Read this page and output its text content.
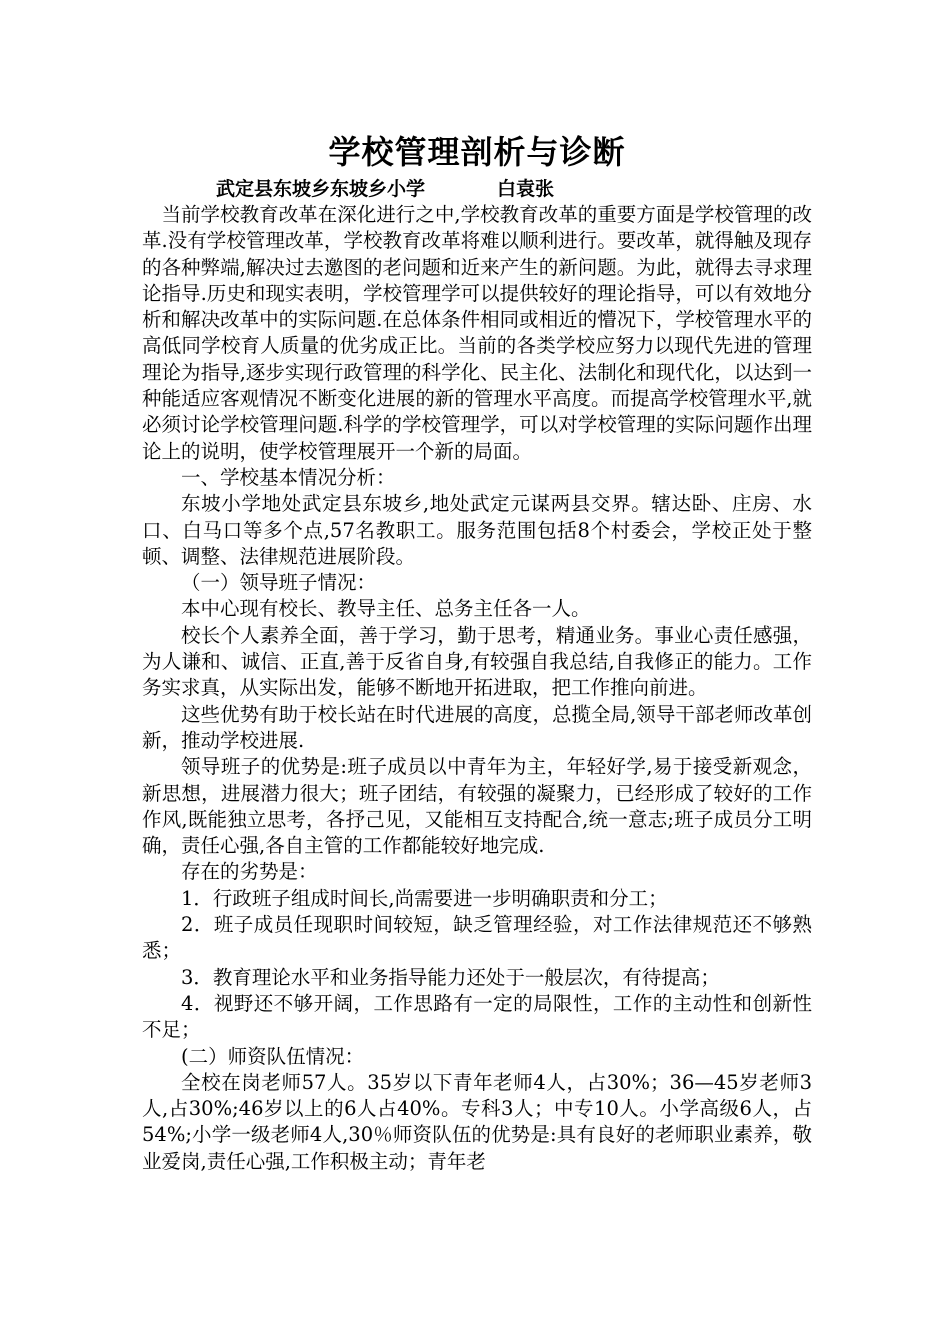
学校管理剖析与诊断

武定县东坡乡东坡乡小学	白袁张

当前学校教育改革在深化进行之中,学校教育改革的重要方面是学校管理的改革.没有学校管理改革，学校教育改革将难以顺利进行。要改革，就得触及现存的各种弊端,解决过去邀图的老问题和近来产生的新问题。为此，就得去寻求理论指导.历史和现实表明，学校管理学可以提供较好的理论指导，可以有效地分析和解决改革中的实际问题.在总体条件相同或相近的懵况下，学校管理水平的高低同学校育人质量的优劣成正比。当前的各类学校应努力以现代先进的管理理论为指导,逐步实现行政管理的科学化、民主化、法制化和现代化，以达到一种能适应客观情况不断变化进展的新的管理水平高度。而提高学校管理水平,就必须讨论学校管理问题.科学的学校管理学，可以对学校管理的实际问题作出理论上的说明，使学校管理展开一个新的局面。

一、学校基本情况分析：

东坡小学地处武定县东坡乡,地处武定元谋两县交界。辖达卧、庄房、水口、白马口等多个点,57名教职工。服务范围包括8个村委会，学校正处于整顿、调整、法律规范进展阶段。

（一）领导班子情况：

本中心现有校长、教导主任、总务主任各一人。

校长个人素养全面，善于学习，勤于思考，精通业务。事业心责任感强，为人谦和、诚信、正直,善于反省自身,有较强自我总结,自我修正的能力。工作务实求真，从实际出发，能够不断地开拓进取，把工作推向前进。

这些优势有助于校长站在时代进展的高度，总揽全局,领导干部老师改革创新，推动学校进展.

领导班子的优势是:班子成员以中青年为主，年轻好学,易于接受新观念，新思想，进展潜力很大；班子团结，有较强的凝聚力，已经形成了较好的工作作风,既能独立思考，各抒己见，又能相互支持配合,统一意志;班子成员分工明确，责任心强,各自主管的工作都能较好地完成.

存在的劣势是：

1．行政班子组成时间长,尚需要进一步明确职责和分工；

2．班子成员任现职时间较短，缺乏管理经验，对工作法律规范还不够熟悉；

3．教育理论水平和业务指导能力还处于一般层次，有待提高；

4．视野还不够开阔，工作思路有一定的局限性，工作的主动性和创新性不足；

(二）师资队伍情况：

全校在岗老师57人。35岁以下青年老师4人，占30%；36—45岁老师3人,占30%;46岁以上的6人占40%。专科3人；中专10人。小学高级6人，占54%;小学一级老师4人,30％师资队伍的优势是:具有良好的老师职业素养，敬业爱岗,责任心强,工作积极主动；青年老
